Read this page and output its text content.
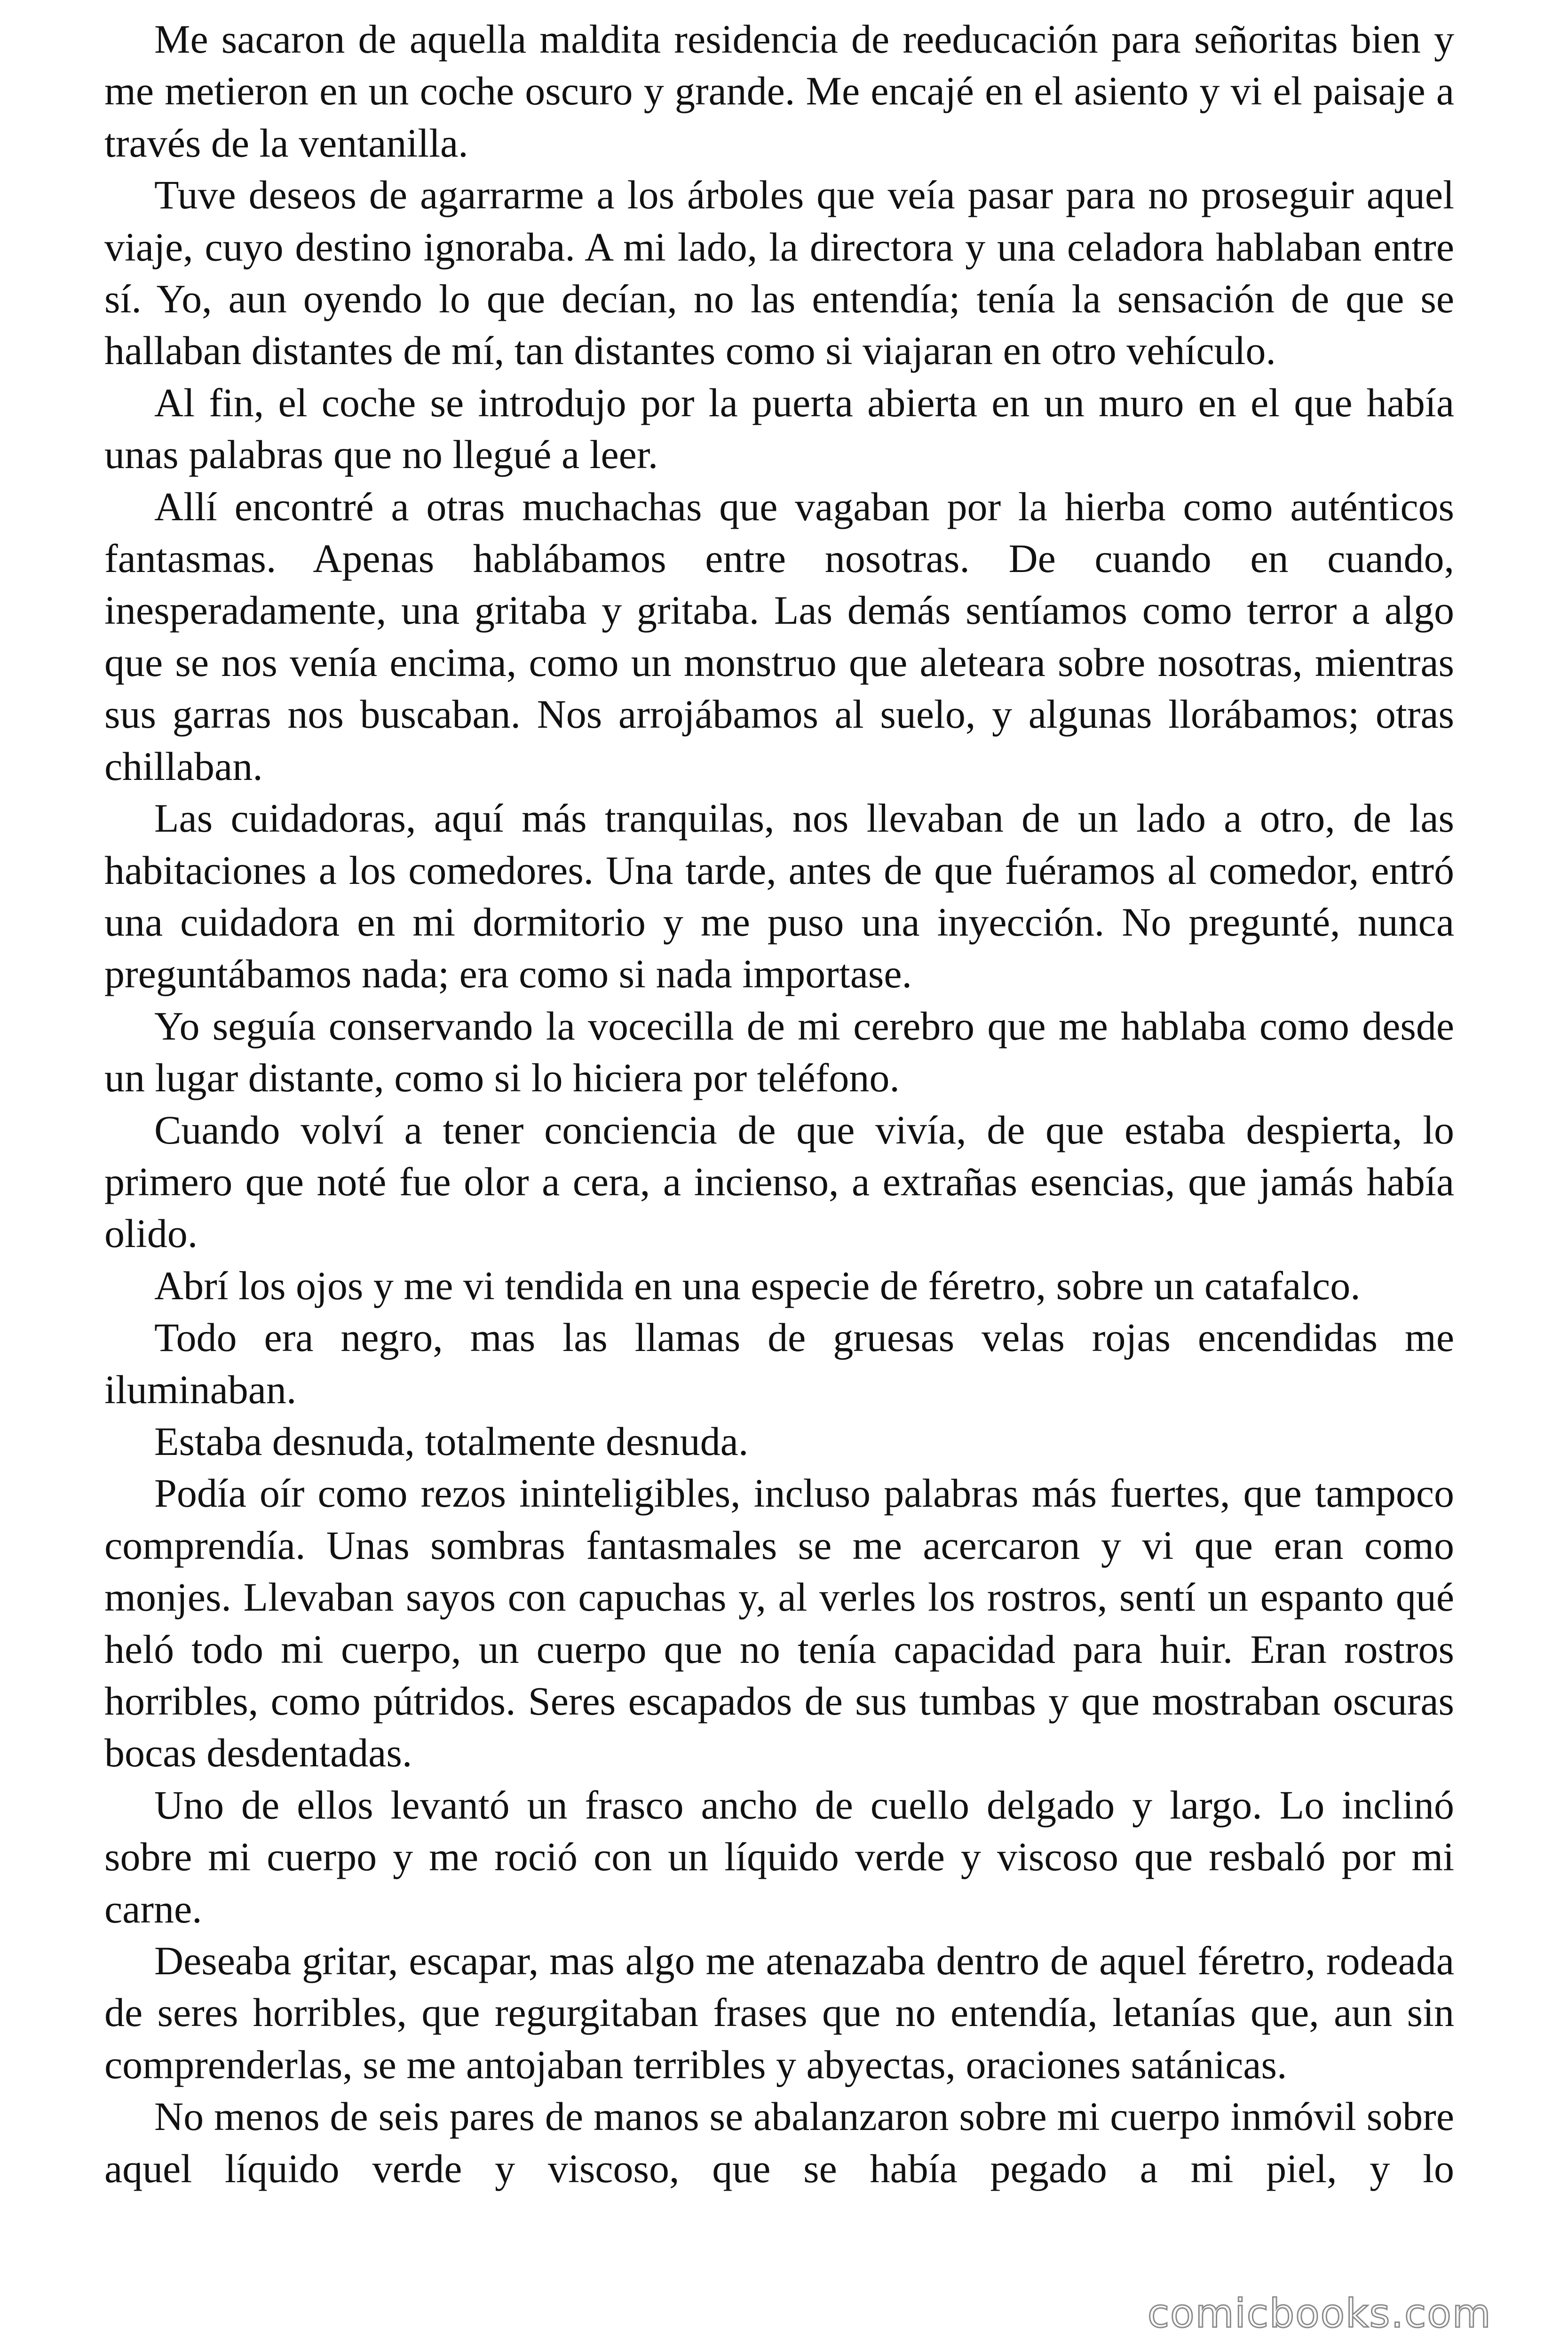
Me sacaron de aquella maldita residencia de reeducación para señoritas bien y me metieron en un coche oscuro y grande. Me encajé en el asiento y vi el paisaje a través de la ventanilla.

Tuve deseos de agarrarme a los árboles que veía pasar para no proseguir aquel viaje, cuyo destino ignoraba. A mi lado, la directora y una celadora hablaban entre sí. Yo, aun oyendo lo que decían, no las entendía; tenía la sensación de que se hallaban distantes de mí, tan distantes como si viajaran en otro vehículo.

Al fin, el coche se introdujo por la puerta abierta en un muro en el que había unas palabras que no llegué a leer.

Allí encontré a otras muchachas que vagaban por la hierba como auténticos fantasmas. Apenas hablábamos entre nosotras. De cuando en cuando, inesperadamente, una gritaba y gritaba. Las demás sentíamos como terror a algo que se nos venía encima, como un monstruo que aleteara sobre nosotras, mientras sus garras nos buscaban. Nos arrojábamos al suelo, y algunas llorábamos; otras chillaban.

Las cuidadoras, aquí más tranquilas, nos llevaban de un lado a otro, de las habitaciones a los comedores. Una tarde, antes de que fuéramos al comedor, entró una cuidadora en mi dormitorio y me puso una inyección. No pregunté, nunca preguntábamos nada; era como si nada importase.

Yo seguía conservando la vocecilla de mi cerebro que me hablaba como desde un lugar distante, como si lo hiciera por teléfono.

Cuando volví a tener conciencia de que vivía, de que estaba despierta, lo primero que noté fue olor a cera, a incienso, a extrañas esencias, que jamás había olido.

Abrí los ojos y me vi tendida en una especie de féretro, sobre un catafalco.

Todo era negro, mas las llamas de gruesas velas rojas encendidas me iluminaban.

Estaba desnuda, totalmente desnuda.

Podía oír como rezos ininteligibles, incluso palabras más fuertes, que tampoco comprendía. Unas sombras fantasmales se me acercaron y vi que eran como monjes. Llevaban sayos con capuchas y, al verles los rostros, sentí un espanto qué heló todo mi cuerpo, un cuerpo que no tenía capacidad para huir. Eran rostros horribles, como pútridos. Seres escapados de sus tumbas y que mostraban oscuras bocas desdentadas.

Uno de ellos levantó un frasco ancho de cuello delgado y largo. Lo inclinó sobre mi cuerpo y me roció con un líquido verde y viscoso que resbaló por mi carne.

Deseaba gritar, escapar, mas algo me atenazaba dentro de aquel féretro, rodeada de seres horribles, que regurgitaban frases que no entendía, letanías que, aun sin comprenderlas, se me antojaban terribles y abyectas, oraciones satánicas.

No menos de seis pares de manos se abalanzaron sobre mi cuerpo inmóvil sobre aquel líquido verde y viscoso, que se había pegado a mi piel, y lo

comicbooks.com
